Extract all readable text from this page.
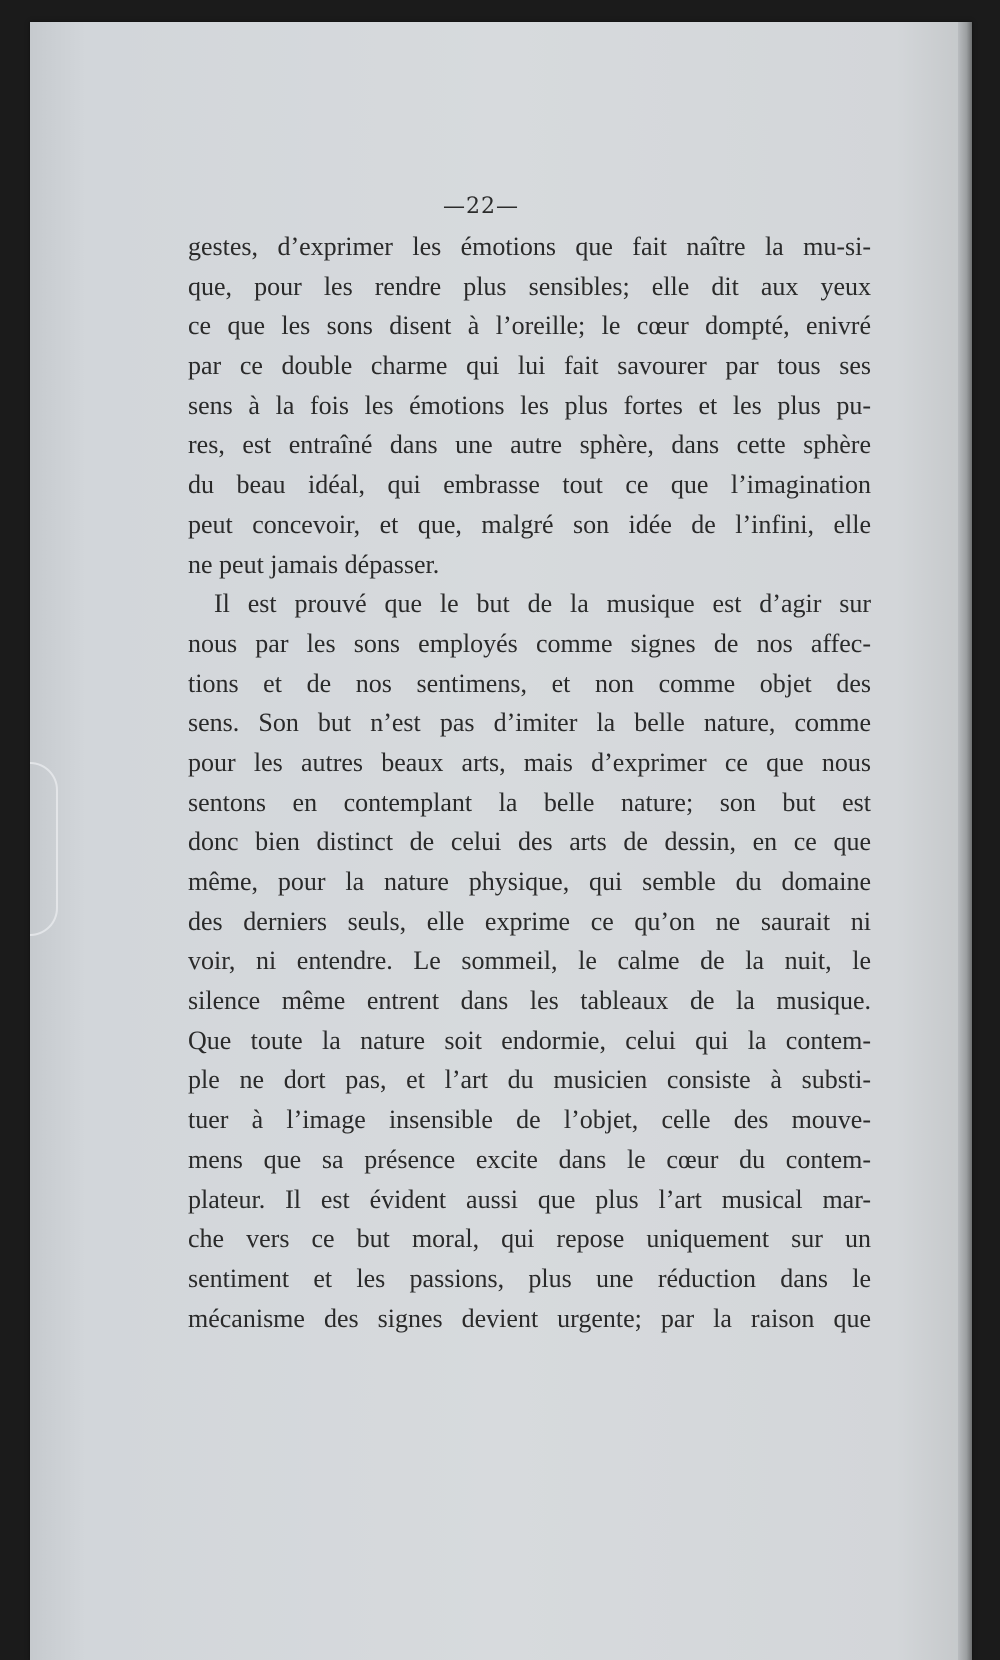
—22—
gestes, d’exprimer les émotions que fait naître la mu-si-
que, pour les rendre plus sensibles; elle dit aux yeux
ce que les sons disent à l’oreille; le cœur dompté, enivré
par ce double charme qui lui fait savourer par tous ses
sens à la fois les émotions les plus fortes et les plus pu-
res, est entraîné dans une autre sphère, dans cette sphère
du beau idéal, qui embrasse tout ce que l’imagination
peut concevoir, et que, malgré son idée de l’infini, elle
ne peut jamais dépasser.
Il est prouvé que le but de la musique est d’agir sur
nous par les sons employés comme signes de nos affec-
tions et de nos sentimens, et non comme objet des
sens. Son but n’est pas d’imiter la belle nature, comme
pour les autres beaux arts, mais d’exprimer ce que nous
sentons en contemplant la belle nature; son but est
donc bien distinct de celui des arts de dessin, en ce que
même, pour la nature physique, qui semble du domaine
des derniers seuls, elle exprime ce qu’on ne saurait ni
voir, ni entendre. Le sommeil, le calme de la nuit, le
silence même entrent dans les tableaux de la musique.
Que toute la nature soit endormie, celui qui la contem-
ple ne dort pas, et l’art du musicien consiste à substi-
tuer à l’image insensible de l’objet, celle des mouve-
mens que sa présence excite dans le cœur du contem-
plateur. Il est évident aussi que plus l’art musical mar-
che vers ce but moral, qui repose uniquement sur un
sentiment et les passions, plus une réduction dans le
mécanisme des signes devient urgente; par la raison que
